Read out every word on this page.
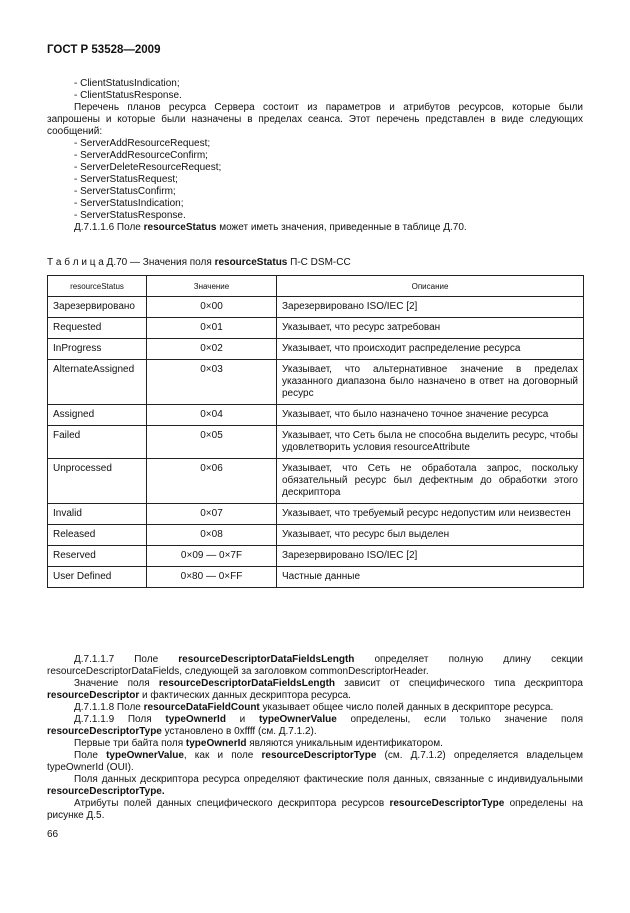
ГОСТ Р 53528—2009
- ClientStatusIndication;
- ClientStatusResponse.
Перечень планов ресурса Сервера состоит из параметров и атрибутов ресурсов, которые были
запрошены и которые были назначены в пределах сеанса. Этот перечень представлен в виде следующих
сообщений:
- ServerAddResourceRequest;
- ServerAddResourceConfirm;
- ServerDeleteResourceRequest;
- ServerStatusRequest;
- ServerStatusConfirm;
- ServerStatusIndication;
- ServerStatusResponse.
Д.7.1.1.6 Поле resourceStatus может иметь значения, приведенные в таблице Д.70.
Т а б л и ц а Д.70 — Значения поля resourceStatus П-С DSM-CC
resourceStatus	Значение	Описание
Зарезервировано	0×00	Зарезервировано ISO/IEC [2]
Requested	0×01	Указывает, что ресурс затребован
InProgress	0×02	Указывает, что происходит распределение ресурса
AlternateAssigned	0×03	Указывает, что альтернативное значение в пределах указанного диапазона было назначено в ответ на договорный ресурс
Assigned	0×04	Указывает, что было назначено точное значение ресурса
Failed	0×05	Указывает, что Сеть была не способна выделить ресурс, чтобы удовлетворить условия resourceAttribute
Unprocessed	0×06	Указывает, что Сеть не обработала запрос, поскольку обязательный ресурс был дефектным до обработки этого дескриптора
Invalid	0×07	Указывает, что требуемый ресурс недопустим или неизвестен
Released	0×08	Указывает, что ресурс был выделен
Reserved	0×09 — 0×7F	Зарезервировано ISO/IEC [2]
User Defined	0×80 — 0×FF	Частные данные
Д.7.1.1.7 Поле resourceDescriptorDataFieldsLength определяет полную длину секции
resourceDescriptorDataFields, следующей за заголовком commonDescriptorHeader.
Значение поля resourceDescriptorDataFieldsLength зависит от специфического типа дескриптора
resourceDescriptor и фактических данных дескриптора ресурса.
Д.7.1.1.8 Поле resourceDataFieldCount указывает общее число полей данных в дескрипторе ресурса.
Д.7.1.1.9 Поля typeOwnerId и typeOwnerValue определены, если только значение поля
resourceDescriptorType установлено в 0xffff (см. Д.7.1.2).
Первые три байта поля typeOwnerId являются уникальным идентификатором.
Поле typeOwnerValue, как и поле resourceDescriptorType (см. Д.7.1.2) определяется владельцем
typeOwnerId (OUI).
Поля данных дескриптора ресурса определяют фактические поля данных, связанные с индивидуальными
resourceDescriptorType.
Атрибуты полей данных специфического дескриптора ресурсов resourceDescriptorType определены на
рисунке Д.5.
66
